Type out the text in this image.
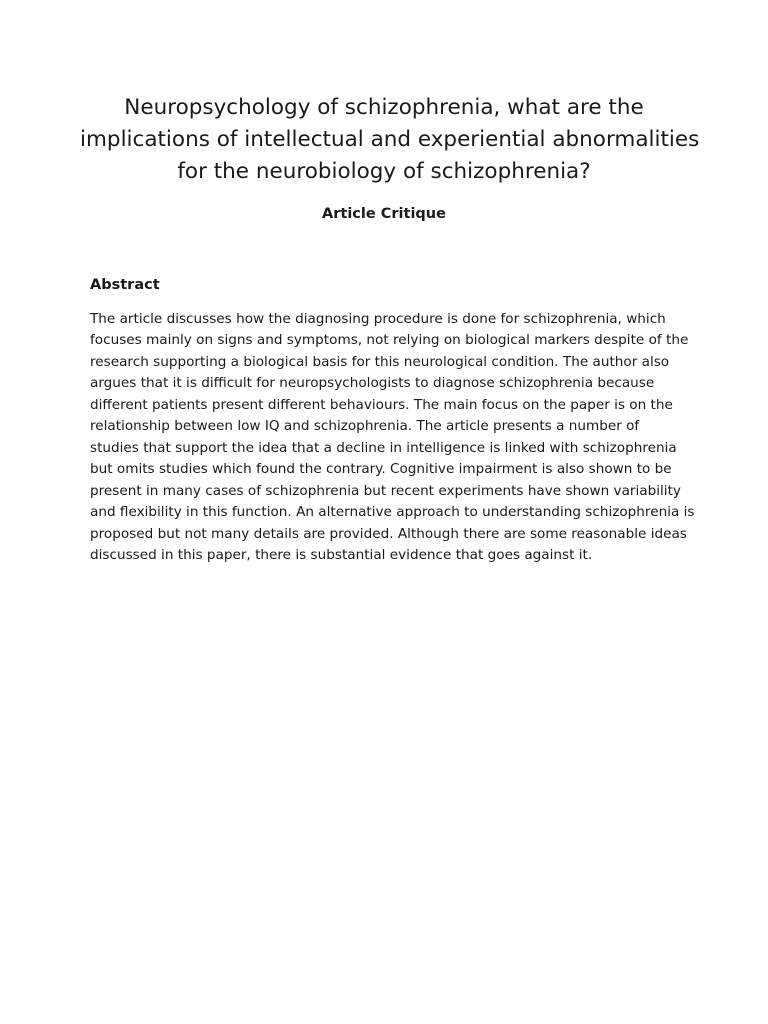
Neuropsychology of schizophrenia, what are the
implications of intellectual and experiential abnormalities
for the neurobiology of schizophrenia?
Article Critique
Abstract

The article discusses how the diagnosing procedure is done for schizophrenia, which
focuses mainly on signs and symptoms, not relying on biological markers despite of the
research supporting a biological basis for this neurological condition. The author also
argues that it is difficult for neuropsychologists to diagnose schizophrenia because
different patients present different behaviours. The main focus on the paper is on the
relationship between low IQ and schizophrenia. The article presents a number of
studies that support the idea that a decline in intelligence is linked with schizophrenia
but omits studies which found the contrary. Cognitive impairment is also shown to be
present in many cases of schizophrenia but recent experiments have shown variability
and flexibility in this function. An alternative approach to understanding schizophrenia is
proposed but not many details are provided. Although there are some reasonable ideas
discussed in this paper, there is substantial evidence that goes against it.
